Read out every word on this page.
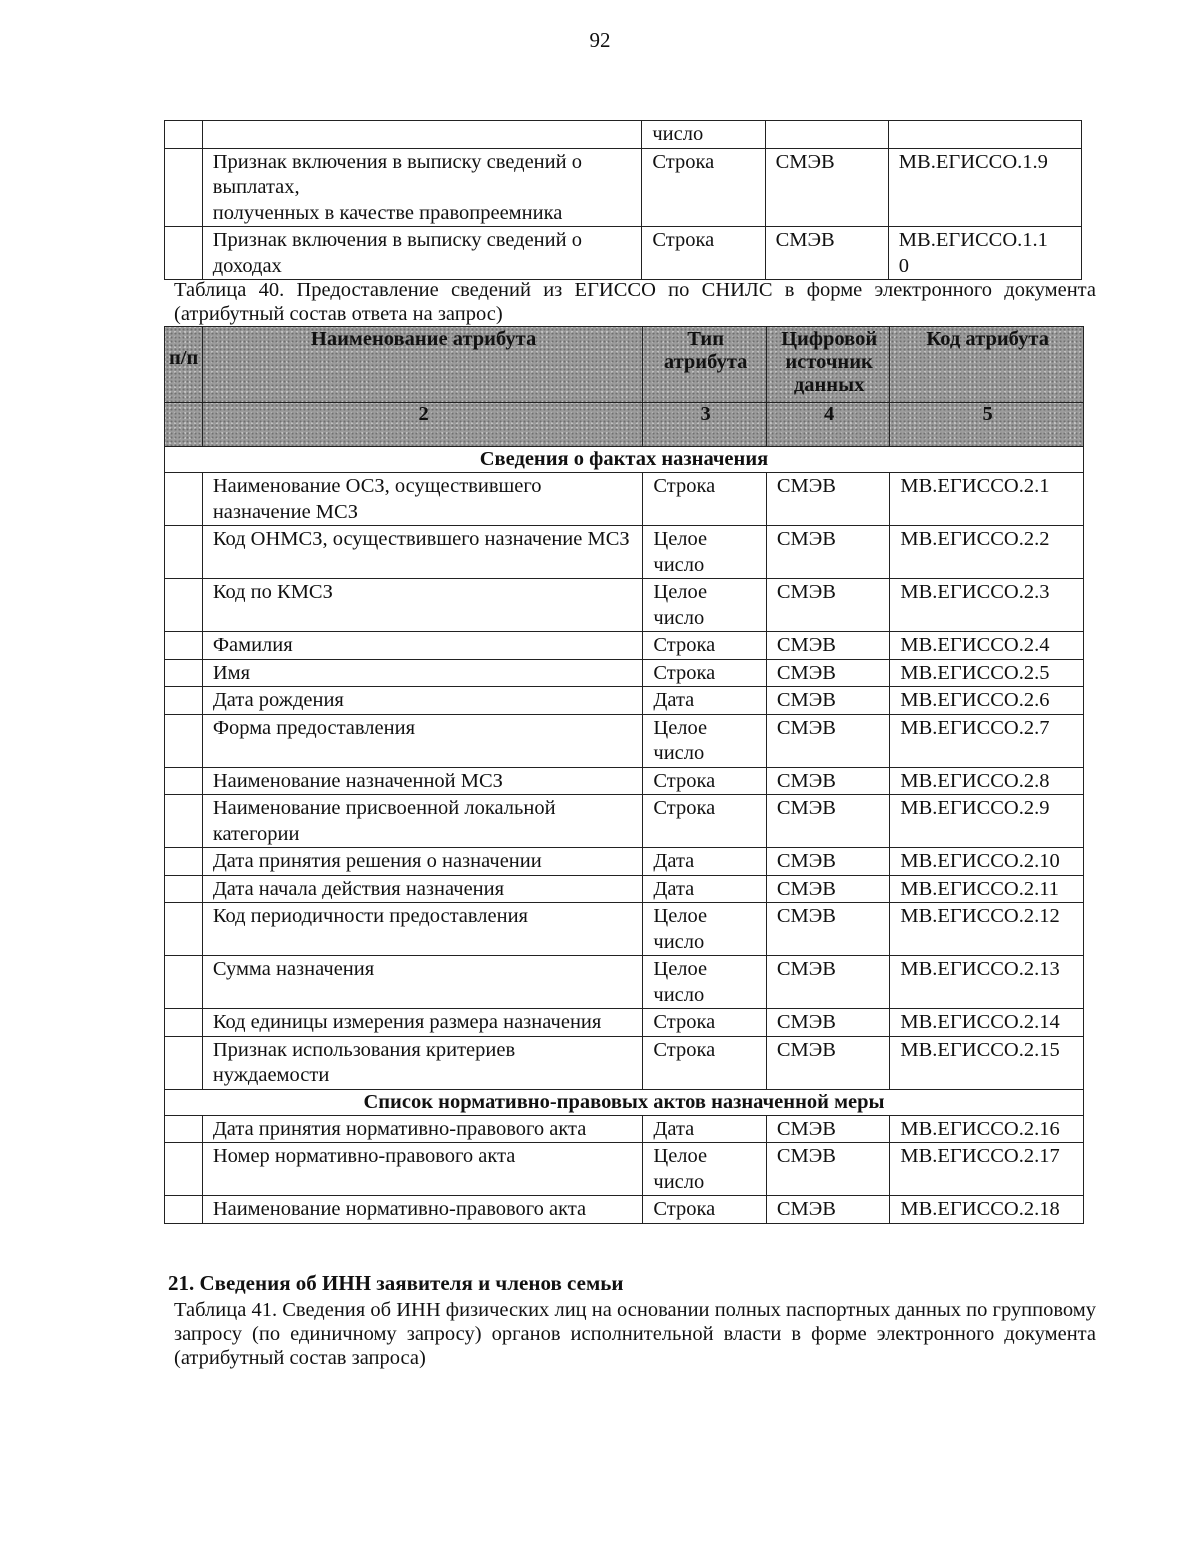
92
		число		
	Признак включения в выписку сведений о выплатах,
полученных в качестве правопреемника	Строка	СМЭВ	МВ.ЕГИССО.1.9
	Признак включения в выписку сведений о доходах	Строка	СМЭВ	МВ.ЕГИССО.1.1
0
Таблица 40. Предоставление сведений из ЕГИССО по СНИЛС в форме электронного документа (атрибутный состав ответа на запрос)
п/п	Наименование атрибута	Тип атрибута	Цифровой источник данных	Код атрибута
	2	3	4	5
Сведения о фактах назначения				
	Наименование ОСЗ, осуществившего назначение МСЗ	Строка	СМЭВ	МВ.ЕГИССО.2.1
	Код ОНМСЗ, осуществившего назначение МСЗ	Целое число	СМЭВ	МВ.ЕГИССО.2.2
	Код по КМСЗ	Целое число	СМЭВ	МВ.ЕГИССО.2.3
	Фамилия	Строка	СМЭВ	МВ.ЕГИССО.2.4
	Имя	Строка	СМЭВ	МВ.ЕГИССО.2.5
	Дата рождения	Дата	СМЭВ	МВ.ЕГИССО.2.6
	Форма предоставления	Целое число	СМЭВ	МВ.ЕГИССО.2.7
	Наименование назначенной МСЗ	Строка	СМЭВ	МВ.ЕГИССО.2.8
	Наименование присвоенной локальной категории	Строка	СМЭВ	МВ.ЕГИССО.2.9
	Дата принятия решения о назначении	Дата	СМЭВ	МВ.ЕГИССО.2.10
	Дата начала действия назначения	Дата	СМЭВ	МВ.ЕГИССО.2.11
	Код периодичности предоставления	Целое число	СМЭВ	МВ.ЕГИССО.2.12
	Сумма назначения	Целое число	СМЭВ	МВ.ЕГИССО.2.13
	Код единицы измерения размера назначения	Строка	СМЭВ	МВ.ЕГИССО.2.14
	Признак использования критериев нуждаемости	Строка	СМЭВ	МВ.ЕГИССО.2.15
Список нормативно-правовых актов назначенной меры				
	Дата принятия нормативно-правового акта	Дата	СМЭВ	МВ.ЕГИССО.2.16
	Номер нормативно-правового акта	Целое число	СМЭВ	МВ.ЕГИССО.2.17
	Наименование нормативно-правового акта	Строка	СМЭВ	МВ.ЕГИССО.2.18
21. Сведения об ИНН заявителя и членов семьи
Таблица 41. Сведения об ИНН физических лиц на основании полных паспортных данных по групповому запросу (по единичному запросу) органов исполнительной власти в форме электронного документа (атрибутный состав запроса)
